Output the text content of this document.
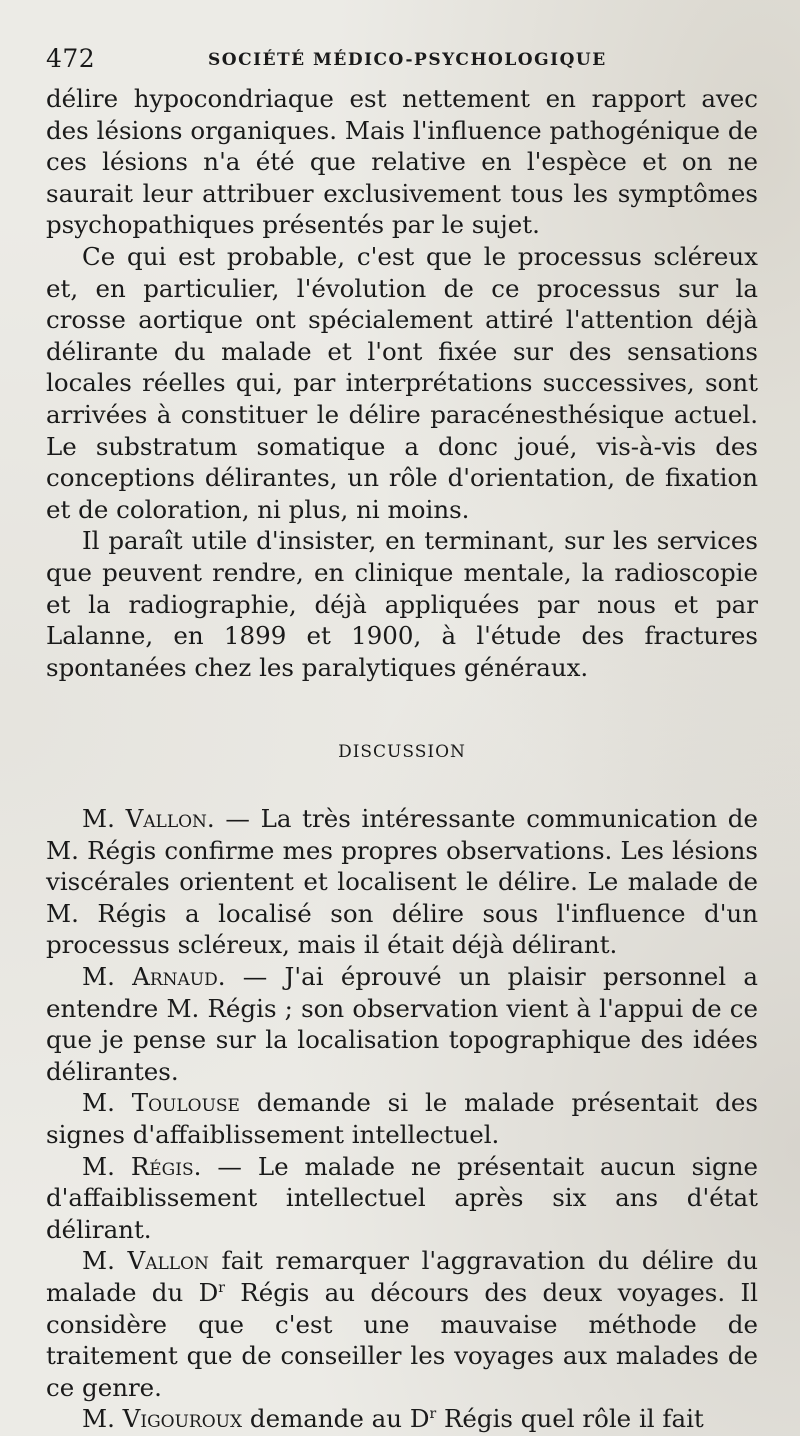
472	SOCIÉTÉ MÉDICO-PSYCHOLOGIQUE

délire hypocondriaque est nettement en rapport avec des lésions organiques. Mais l'influence pathogénique de ces lésions n'a été que relative en l'espèce et on ne saurait leur attribuer exclusivement tous les symptômes psychopathiques présentés par le sujet.

Ce qui est probable, c'est que le processus scléreux et, en particulier, l'évolution de ce processus sur la crosse aortique ont spécialement attiré l'attention déjà délirante du malade et l'ont fixée sur des sensations locales réelles qui, par interprétations successives, sont arrivées à constituer le délire paracénesthésique actuel. Le substratum somatique a donc joué, vis-à-vis des conceptions délirantes, un rôle d'orientation, de fixation et de coloration, ni plus, ni moins.

Il paraît utile d'insister, en terminant, sur les services que peuvent rendre, en clinique mentale, la radioscopie et la radiographie, déjà appliquées par nous et par Lalanne, en 1899 et 1900, à l'étude des fractures spontanées chez les paralytiques généraux.

DISCUSSION

M. Vallon. — La très intéressante communication de M. Régis confirme mes propres observations. Les lésions viscérales orientent et localisent le délire. Le malade de M. Régis a localisé son délire sous l'influence d'un processus scléreux, mais il était déjà délirant.

M. Arnaud. — J'ai éprouvé un plaisir personnel a entendre M. Régis ; son observation vient à l'appui de ce que je pense sur la localisation topographique des idées délirantes.

M. Toulouse demande si le malade présentait des signes d'affaiblissement intellectuel.

M. Régis. — Le malade ne présentait aucun signe d'affaiblissement intellectuel après six ans d'état délirant.

M. Vallon fait remarquer l'aggravation du délire du malade du $D^r$ Régis au décours des deux voyages. Il considère que c'est une mauvaise méthode de traitement que de conseiller les voyages aux malades de ce genre.

M. Vigouroux demande au $D^r$ Régis quel rôle il fait
